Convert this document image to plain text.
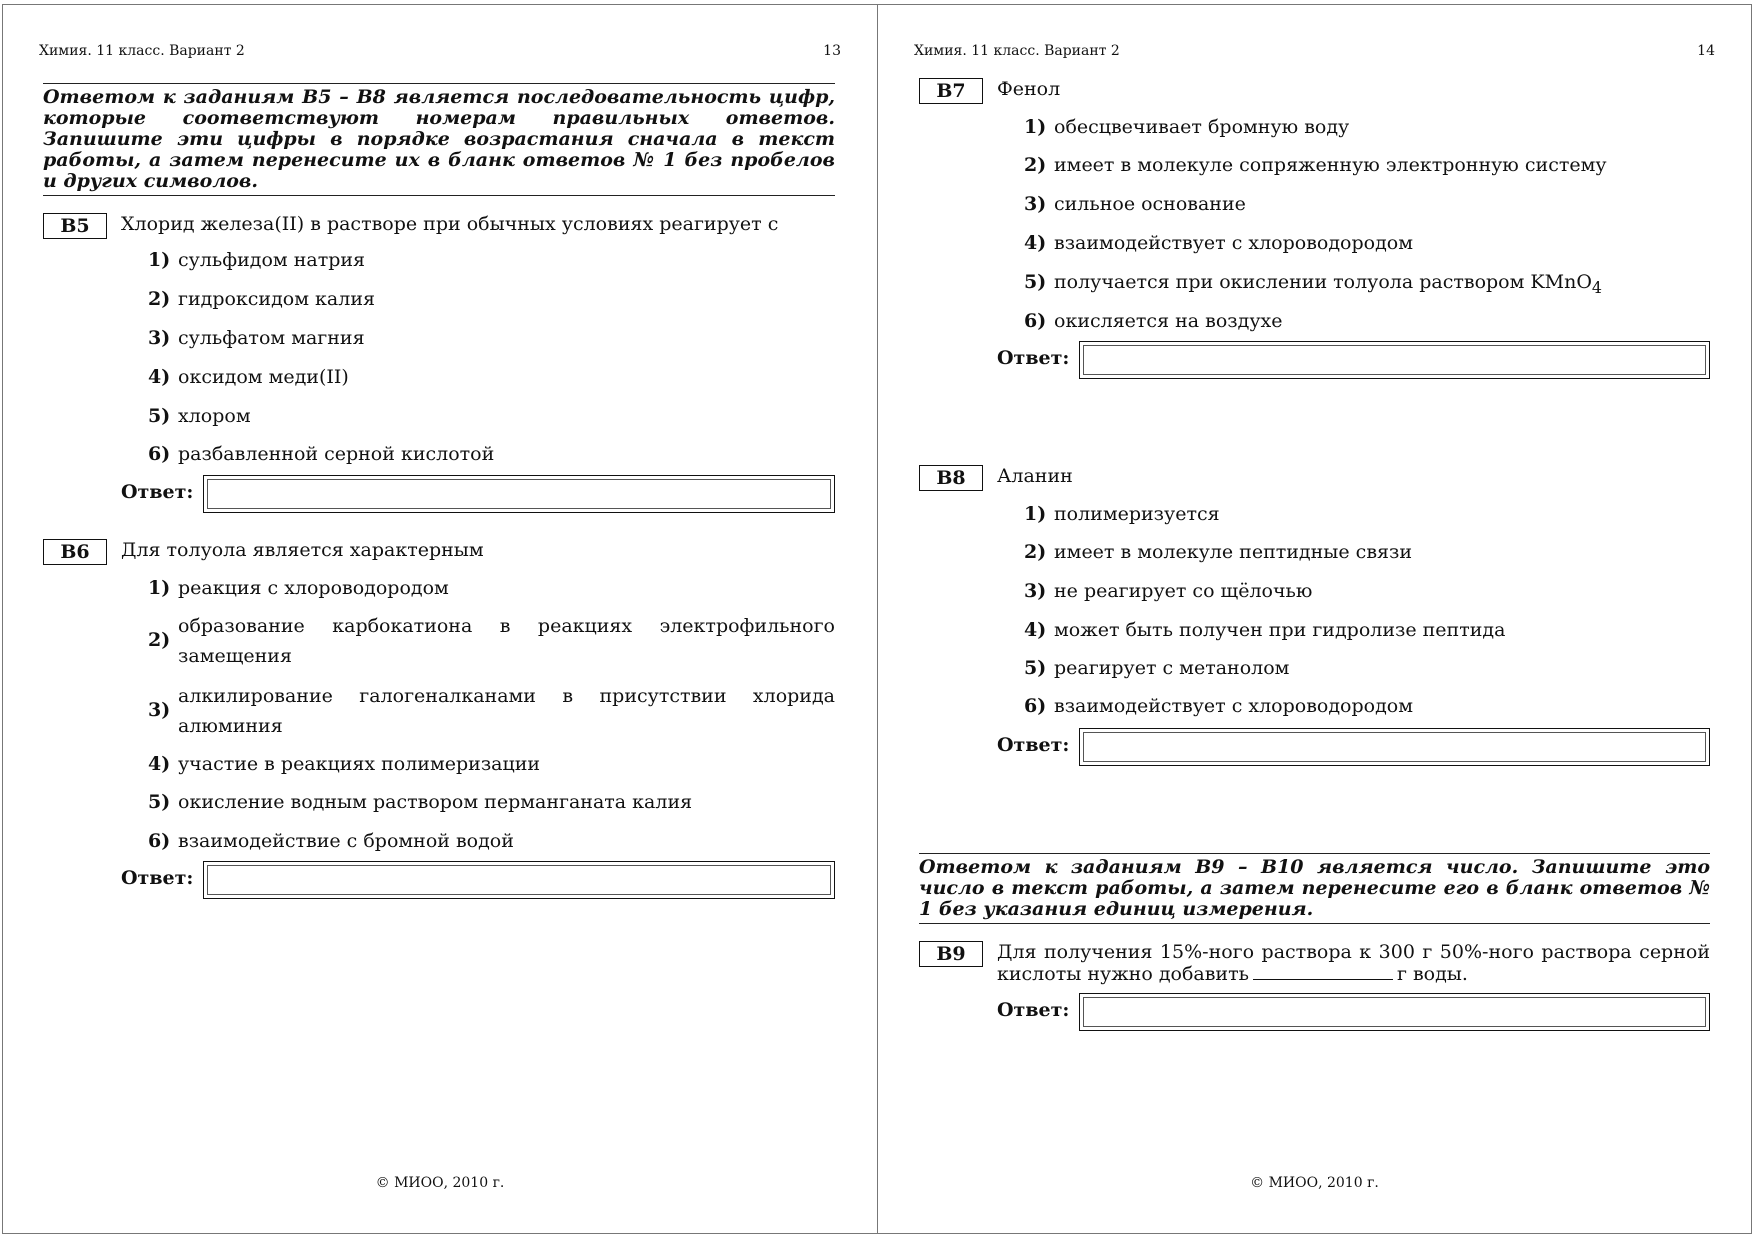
Химия. 11 класс. Вариант 2	13
Ответом к заданиям В5 – В8 является последовательность цифр, которые соответствуют номерам правильных ответов. Запишите эти цифры в порядке возрастания сначала в текст работы, а затем перенесите их в бланк ответов № 1 без пробелов и других символов.
В5	Хлорид железа(II) в растворе при обычных условиях реагирует с
1) сульфидом натрия
2) гидроксидом калия
3) сульфатом магния
4) оксидом меди(II)
5) хлором
6) разбавленной серной кислотой
Ответ:
В6	Для толуола является характерным
1) реакция с хлороводородом
2)
образование карбокатиона в реакциях электрофильного замещения
3)
алкилирование галогеналканами в присутствии хлорида алюминия
4) участие в реакциях полимеризации
5) окисление водным раствором перманганата калия
6) взаимодействие с бромной водой
Ответ:
© МИОО, 2010 г.
Химия. 11 класс. Вариант 2	14
В7	Фенол
1) обесцвечивает бромную воду
2) имеет в молекуле сопряженную электронную систему
3) сильное основание
4) взаимодействует с хлороводородом
5) получается при окислении толуола раствором KMnO$_4$
6) окисляется на воздухе
Ответ:
В8	Аланин
1) полимеризуется
2) имеет в молекуле пептидные связи
3) не реагирует со щёлочью
4) может быть получен при гидролизе пептида
5) реагирует с метанолом
6) взаимодействует с хлороводородом
Ответ:
Ответом к заданиям В9 – В10 является число. Запишите это число в текст работы, а затем перенесите его в бланк ответов № 1 без указания единиц измерения.
В9	Для получения 15%-ного раствора к 300 г 50%-ного раствора серной кислоты нужно добавить	г воды.
Ответ:
© МИОО, 2010 г.
